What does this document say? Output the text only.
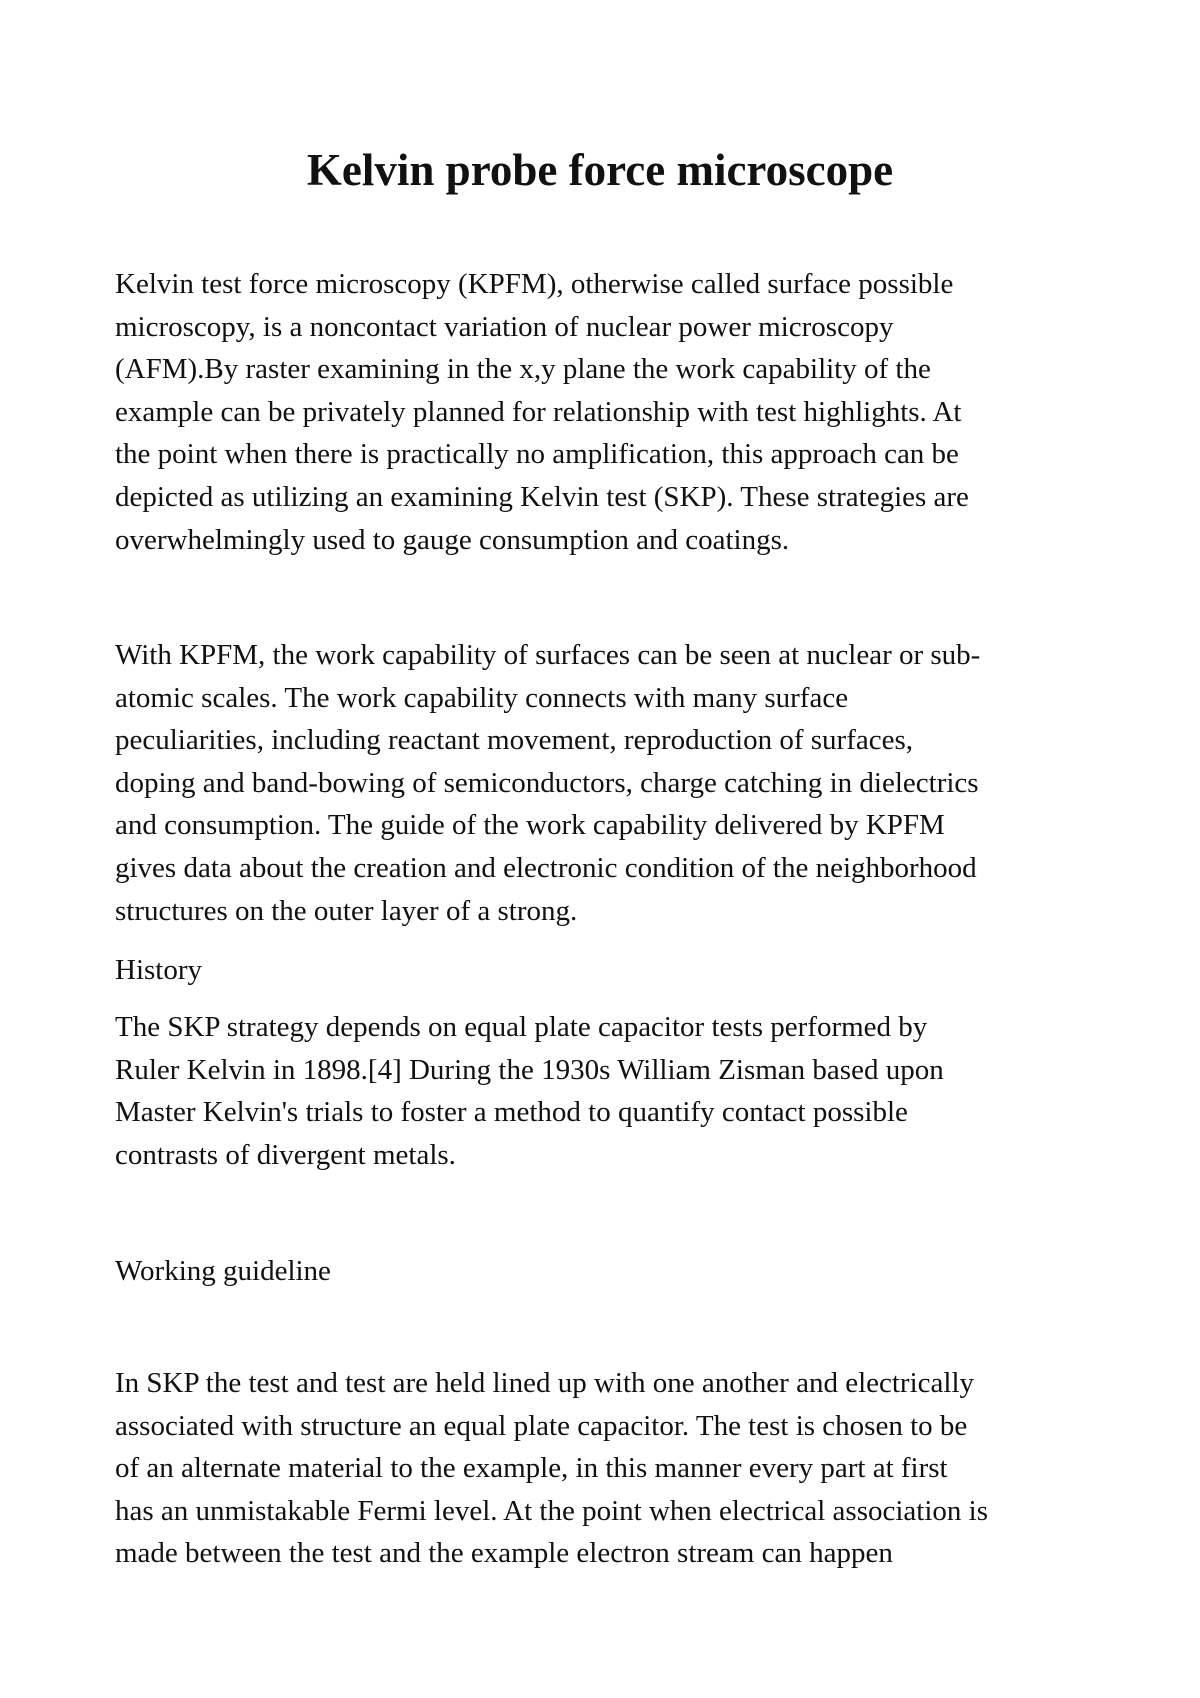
Kelvin probe force microscope

Kelvin test force microscopy (KPFM), otherwise called surface possible
microscopy, is a noncontact variation of nuclear power microscopy
(AFM).By raster examining in the x,y plane the work capability of the
example can be privately planned for relationship with test highlights. At
the point when there is practically no amplification, this approach can be
depicted as utilizing an examining Kelvin test (SKP). These strategies are
overwhelmingly used to gauge consumption and coatings.

With KPFM, the work capability of surfaces can be seen at nuclear or sub-
atomic scales. The work capability connects with many surface
peculiarities, including reactant movement, reproduction of surfaces,
doping and band-bowing of semiconductors, charge catching in dielectrics
and consumption. The guide of the work capability delivered by KPFM
gives data about the creation and electronic condition of the neighborhood
structures on the outer layer of a strong.

History

The SKP strategy depends on equal plate capacitor tests performed by
Ruler Kelvin in 1898.[4] During the 1930s William Zisman based upon
Master Kelvin's trials to foster a method to quantify contact possible
contrasts of divergent metals.

Working guideline

In SKP the test and test are held lined up with one another and electrically
associated with structure an equal plate capacitor. The test is chosen to be
of an alternate material to the example, in this manner every part at first
has an unmistakable Fermi level. At the point when electrical association is
made between the test and the example electron stream can happen
